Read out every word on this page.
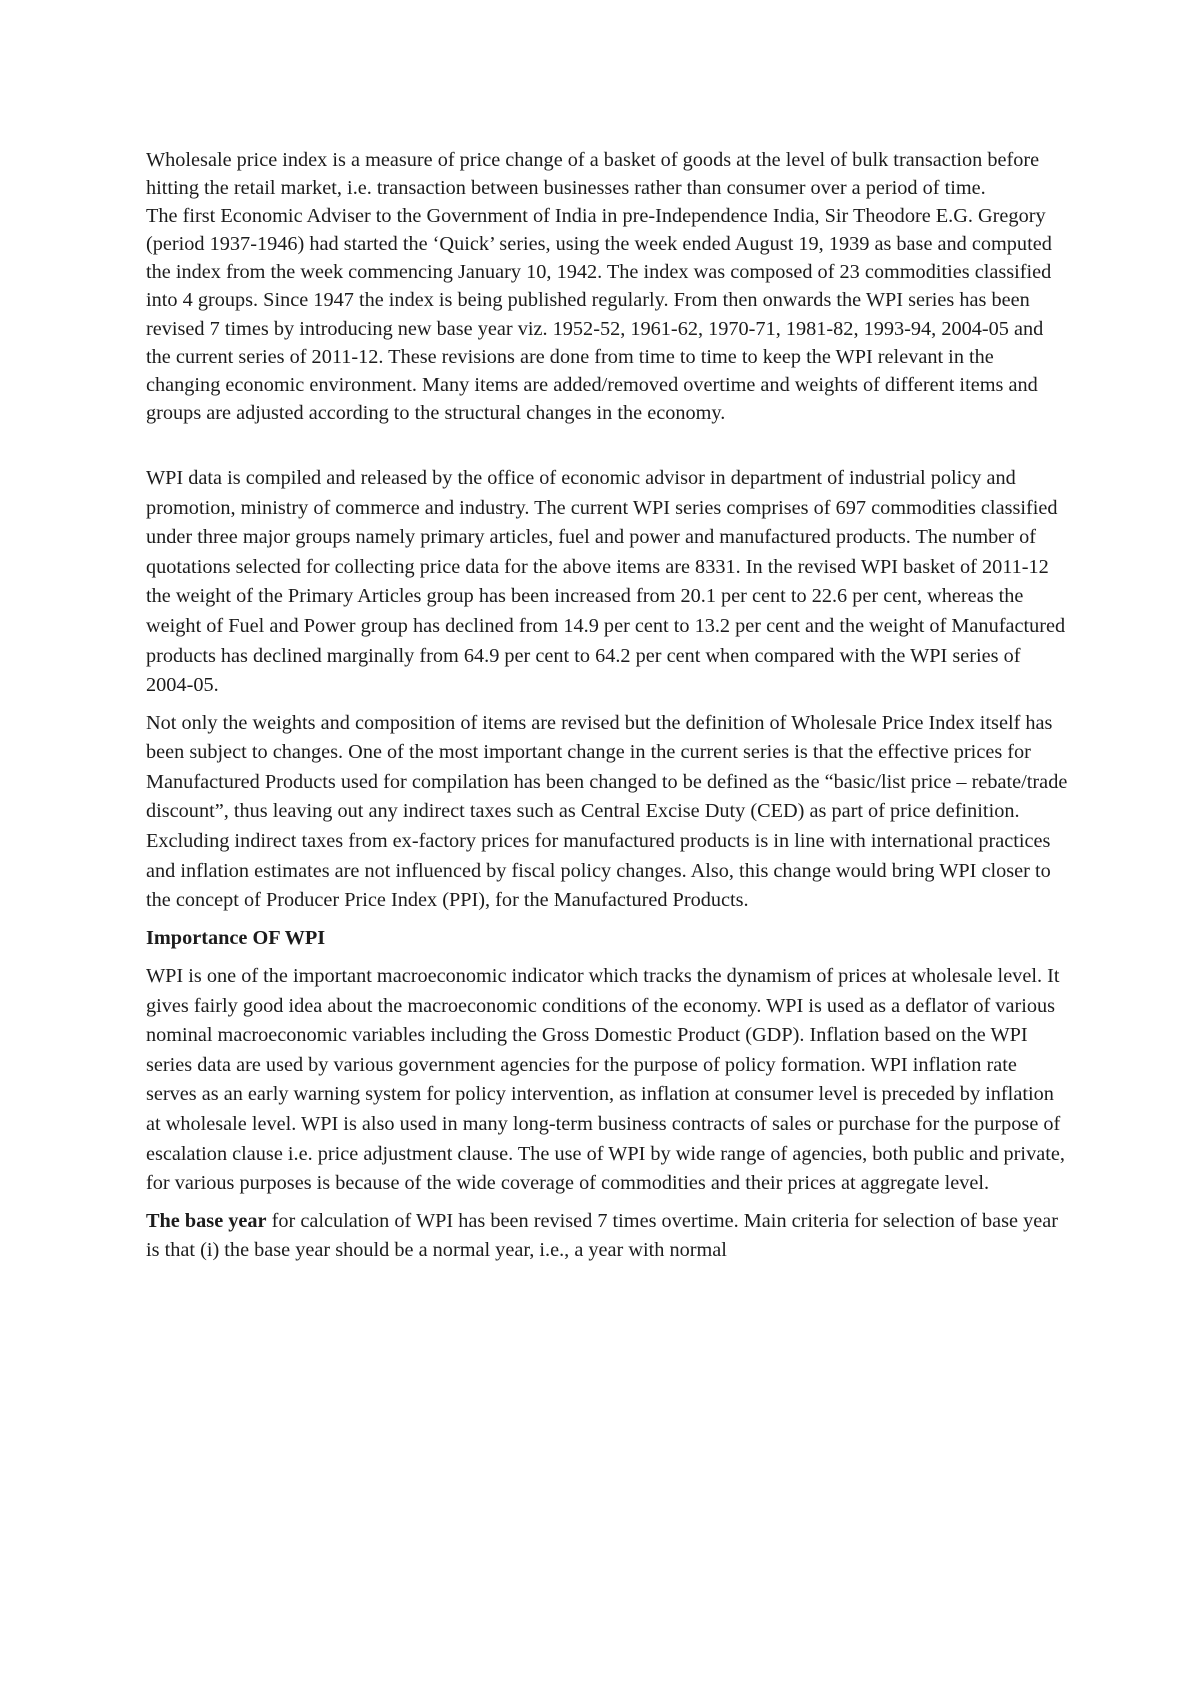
Wholesale price index is a measure of price change of a basket of goods at the level of bulk transaction before hitting the retail market, i.e. transaction between businesses rather than consumer over a period of time.

The first Economic Adviser to the Government of India in pre-Independence India, Sir Theodore E.G. Gregory (period 1937-1946) had started the ‘Quick’ series, using the week ended August 19, 1939 as base and computed the index from the week commencing January 10, 1942. The index was composed of 23 commodities classified into 4 groups. Since 1947 the index is being published regularly. From then onwards the WPI series has been revised 7 times by introducing new base year viz. 1952-52, 1961-62, 1970-71, 1981-82, 1993-94, 2004-05 and the current series of 2011-12. These revisions are done from time to time to keep the WPI relevant in the changing economic environment. Many items are added/removed overtime and weights of different items and groups are adjusted according to the structural changes in the economy.

WPI data is compiled and released by the office of economic advisor in department of industrial policy and promotion, ministry of commerce and industry. The current WPI series comprises of 697 commodities classified under three major groups namely primary articles, fuel and power and manufactured products. The number of quotations selected for collecting price data for the above items are 8331. In the revised WPI basket of 2011-12 the weight of the Primary Articles group has been increased from 20.1 per cent to 22.6 per cent, whereas the weight of Fuel and Power group has declined from 14.9 per cent to 13.2 per cent and the weight of Manufactured products has declined marginally from 64.9 per cent to 64.2 per cent when compared with the WPI series of 2004-05.

Not only the weights and composition of items are revised but the definition of Wholesale Price Index itself has been subject to changes. One of the most important change in the current series is that the effective prices for Manufactured Products used for compilation has been changed to be defined as the “basic/list price – rebate/trade discount”, thus leaving out any indirect taxes such as Central Excise Duty (CED) as part of price definition. Excluding indirect taxes from ex-factory prices for manufactured products is in line with international practices and inflation estimates are not influenced by fiscal policy changes. Also, this change would bring WPI closer to the concept of Producer Price Index (PPI), for the Manufactured Products.

Importance OF WPI

WPI is one of the important macroeconomic indicator which tracks the dynamism of prices at wholesale level. It gives fairly good idea about the macroeconomic conditions of the economy. WPI is used as a deflator of various nominal macroeconomic variables including the Gross Domestic Product (GDP). Inflation based on the WPI series data are used by various government agencies for the purpose of policy formation. WPI inflation rate serves as an early warning system for policy intervention, as inflation at consumer level is preceded by inflation at wholesale level. WPI is also used in many long-term business contracts of sales or purchase for the purpose of escalation clause i.e. price adjustment clause. The use of WPI by wide range of agencies, both public and private, for various purposes is because of the wide coverage of commodities and their prices at aggregate level.

The base year for calculation of WPI has been revised 7 times overtime. Main criteria for selection of base year is that (i) the base year should be a normal year, i.e., a year with normal
